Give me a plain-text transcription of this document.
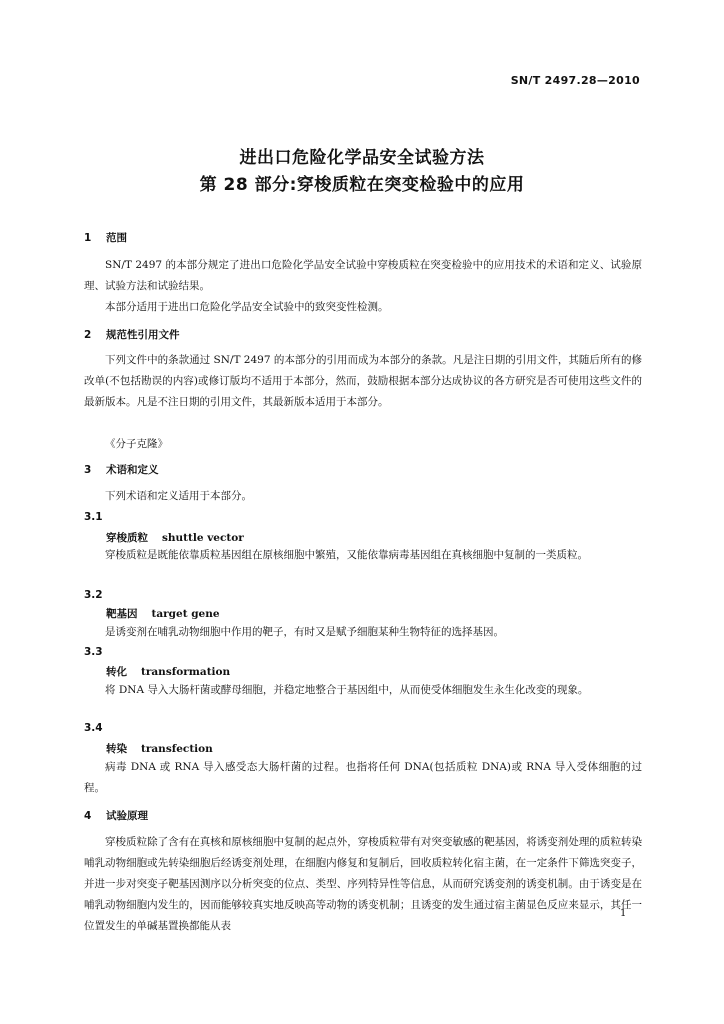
SN/T 2497.28—2010
进出口危险化学品安全试验方法
第 28 部分:穿梭质粒在突变检验中的应用
1 范围

SN/T 2497 的本部分规定了进出口危险化学品安全试验中穿梭质粒在突变检验中的应用技术的术语和定义、试验原理、试验方法和试验结果。

本部分适用于进出口危险化学品安全试验中的致突变性检测。

2 规范性引用文件

下列文件中的条款通过 SN/T 2497 的本部分的引用而成为本部分的条款。凡是注日期的引用文件，其随后所有的修改单(不包括勘误的内容)或修订版均不适用于本部分，然而，鼓励根据本部分达成协议的各方研究是否可使用这些文件的最新版本。凡是不注日期的引用文件，其最新版本适用于本部分。

《分子克隆》

3 术语和定义

下列术语和定义适用于本部分。

3.1
穿梭质粒 shuttle vector

穿梭质粒是既能依靠质粒基因组在原核细胞中繁殖，又能依靠病毒基因组在真核细胞中复制的一类质粒。

3.2
靶基因 target gene

是诱变剂在哺乳动物细胞中作用的靶子，有时又是赋予细胞某种生物特征的选择基因。

3.3
转化 transformation

将 DNA 导入大肠杆菌或酵母细胞，并稳定地整合于基因组中，从而使受体细胞发生永生化改变的现象。

3.4
转染 transfection

病毒 DNA 或 RNA 导入感受态大肠杆菌的过程。也指将任何 DNA(包括质粒 DNA)或 RNA 导入受体细胞的过程。

4 试验原理

穿梭质粒除了含有在真核和原核细胞中复制的起点外，穿梭质粒带有对突变敏感的靶基因，将诱变剂处理的质粒转染哺乳动物细胞或先转染细胞后经诱变剂处理，在细胞内修复和复制后，回收质粒转化宿主菌，在一定条件下筛选突变子，并进一步对突变子靶基因测序以分析突变的位点、类型、序列特异性等信息，从而研究诱变剂的诱变机制。由于诱变是在哺乳动物细胞内发生的，因而能够较真实地反映高等动物的诱变机制；且诱变的发生通过宿主菌显色反应来显示，其任一位置发生的单碱基置换都能从表

1
